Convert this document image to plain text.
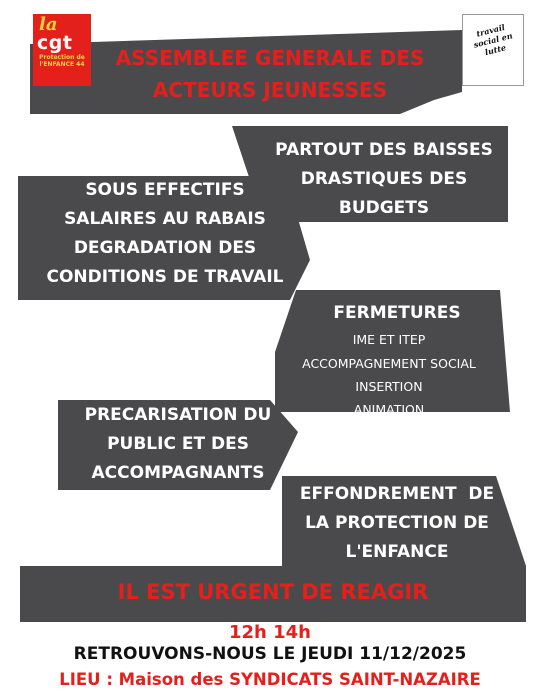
la
cgt
Protection de l'ENFANCE 44
travail social en lutte
ASSEMBLEE GENERALE DES
ACTEURS JEUNESSES
PARTOUT DES BAISSES
DRASTIQUES DES
BUDGETS
SOUS EFFECTIFS
SALAIRES AU RABAIS
DEGRADATION DES
CONDITIONS DE TRAVAIL
FERMETURES
IME ET ITEP
ACCOMPAGNEMENT SOCIAL
INSERTION
ANIMATION
PRECARISATION DU
PUBLIC ET DES
ACCOMPAGNANTS
EFFONDREMENT  DE
LA PROTECTION DE
L'ENFANCE
IL EST URGENT DE REAGIR
12h 14h
RETROUVONS-NOUS LE JEUDI 11/12/2025
LIEU : Maison des SYNDICATS SAINT-NAZAIRE
